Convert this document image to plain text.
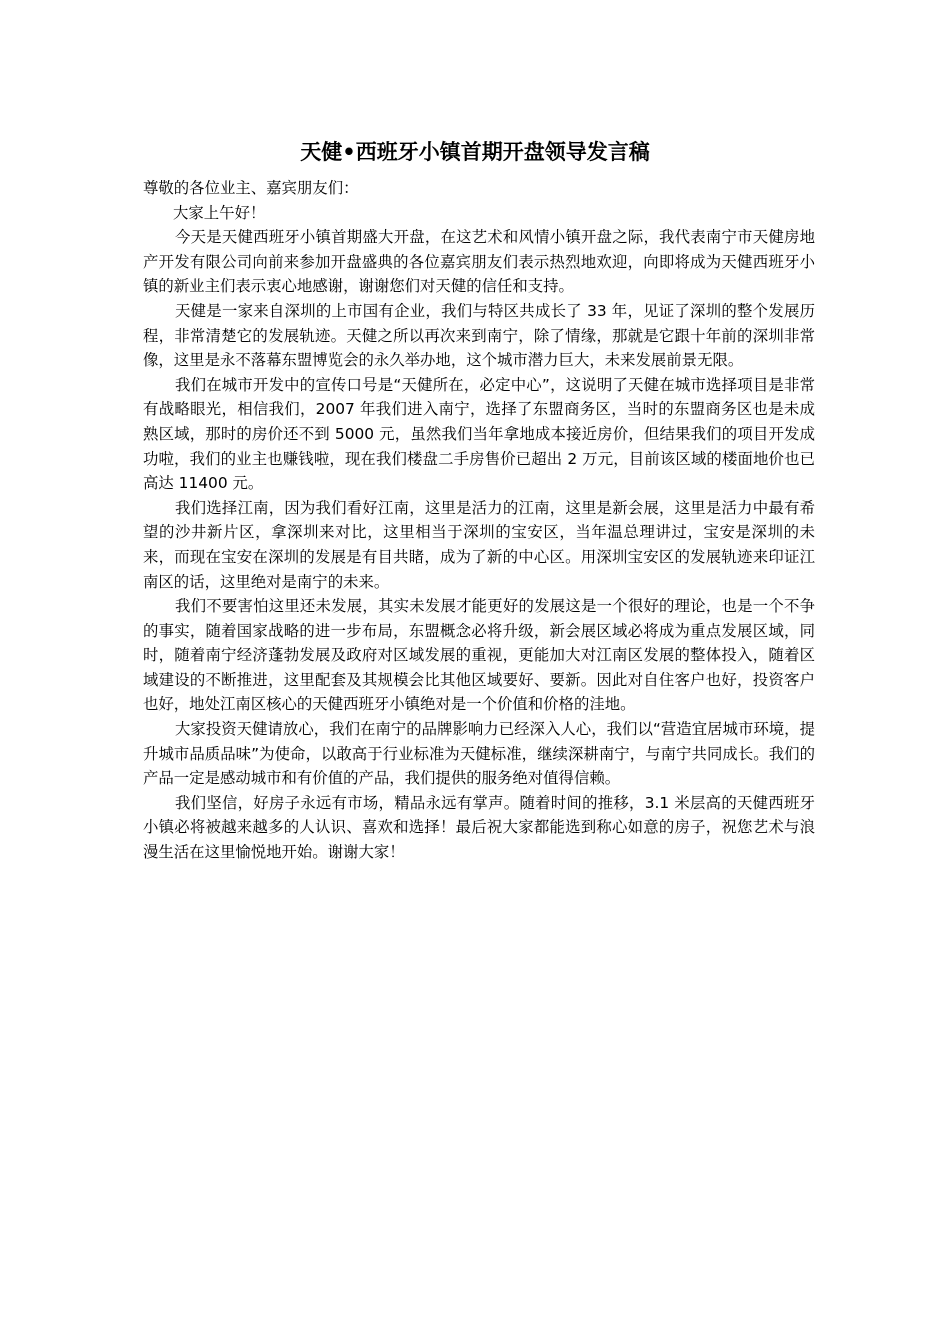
天健•西班牙小镇首期开盘领导发言稿

尊敬的各位业主、嘉宾朋友们：

大家上午好！

今天是天健西班牙小镇首期盛大开盘，在这艺术和风情小镇开盘之际，我代表南宁市天健房地产开发有限公司向前来参加开盘盛典的各位嘉宾朋友们表示热烈地欢迎，向即将成为天健西班牙小镇的新业主们表示衷心地感谢，谢谢您们对天健的信任和支持。

天健是一家来自深圳的上市国有企业，我们与特区共成长了 33 年，见证了深圳的整个发展历程，非常清楚它的发展轨迹。天健之所以再次来到南宁，除了情缘，那就是它跟十年前的深圳非常像，这里是永不落幕东盟博览会的永久举办地，这个城市潜力巨大，未来发展前景无限。

我们在城市开发中的宣传口号是“天健所在，必定中心”，这说明了天健在城市选择项目是非常有战略眼光，相信我们，2007 年我们进入南宁，选择了东盟商务区，当时的东盟商务区也是未成熟区域，那时的房价还不到 5000 元，虽然我们当年拿地成本接近房价，但结果我们的项目开发成功啦，我们的业主也赚钱啦，现在我们楼盘二手房售价已超出 2 万元，目前该区域的楼面地价也已高达 11400 元。

我们选择江南，因为我们看好江南，这里是活力的江南，这里是新会展，这里是活力中最有希望的沙井新片区，拿深圳来对比，这里相当于深圳的宝安区，当年温总理讲过，宝安是深圳的未来，而现在宝安在深圳的发展是有目共睹，成为了新的中心区。用深圳宝安区的发展轨迹来印证江南区的话，这里绝对是南宁的未来。

我们不要害怕这里还未发展，其实未发展才能更好的发展这是一个很好的理论，也是一个不争的事实，随着国家战略的进一步布局，东盟概念必将升级，新会展区域必将成为重点发展区域，同时，随着南宁经济蓬勃发展及政府对区域发展的重视，更能加大对江南区发展的整体投入，随着区域建设的不断推进，这里配套及其规模会比其他区域要好、要新。因此对自住客户也好，投资客户也好，地处江南区核心的天健西班牙小镇绝对是一个价值和价格的洼地。

大家投资天健请放心，我们在南宁的品牌影响力已经深入人心，我们以“营造宜居城市环境，提升城市品质品味”为使命，以敢高于行业标准为天健标准，继续深耕南宁，与南宁共同成长。我们的产品一定是感动城市和有价值的产品，我们提供的服务绝对值得信赖。

我们坚信，好房子永远有市场，精品永远有掌声。随着时间的推移，3.1 米层高的天健西班牙小镇必将被越来越多的人认识、喜欢和选择！最后祝大家都能选到称心如意的房子，祝您艺术与浪漫生活在这里愉悦地开始。谢谢大家！
